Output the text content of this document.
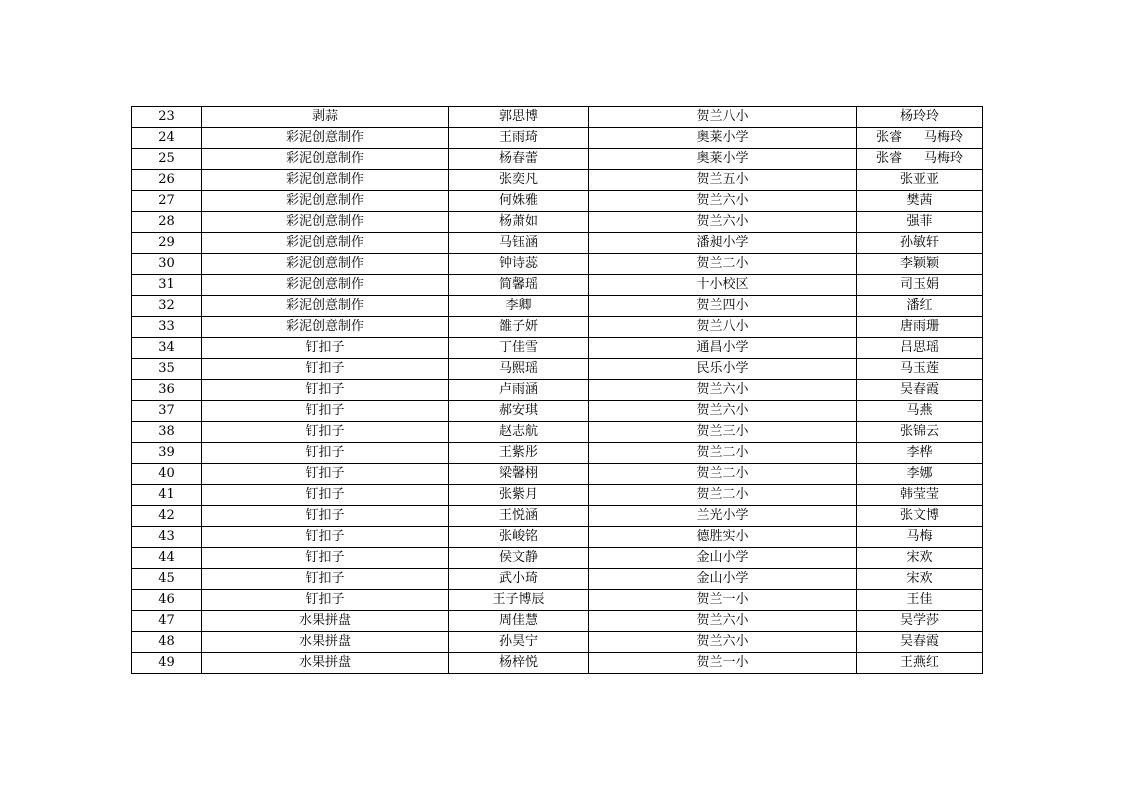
23	剥蒜	郭思博	贺兰八小	杨玲玲
24	彩泥创意制作	王雨琦	奥莱小学	张睿 马梅玲
25	彩泥创意制作	杨春蕾	奥莱小学	张睿 马梅玲
26	彩泥创意制作	张奕凡	贺兰五小	张亚亚
27	彩泥创意制作	何姝雅	贺兰六小	樊茜
28	彩泥创意制作	杨萧如	贺兰六小	强菲
29	彩泥创意制作	马钰涵	潘昶小学	孙敏轩
30	彩泥创意制作	钟诗蕊	贺兰二小	李颖颖
31	彩泥创意制作	简馨瑶	十小校区	司玉娟
32	彩泥创意制作	李卿	贺兰四小	潘红
33	彩泥创意制作	雒子妍	贺兰八小	唐雨珊
34	钉扣子	丁佳雪	通昌小学	吕思瑶
35	钉扣子	马熙瑶	民乐小学	马玉莲
36	钉扣子	卢雨涵	贺兰六小	吴春霞
37	钉扣子	郝安琪	贺兰六小	马燕
38	钉扣子	赵志航	贺兰三小	张锦云
39	钉扣子	王紫彤	贺兰二小	李桦
40	钉扣子	梁馨栩	贺兰二小	李娜
41	钉扣子	张紫月	贺兰二小	韩莹莹
42	钉扣子	王悦涵	兰光小学	张文博
43	钉扣子	张峻铭	德胜实小	马梅
44	钉扣子	侯文静	金山小学	宋欢
45	钉扣子	武小琦	金山小学	宋欢
46	钉扣子	王子博辰	贺兰一小	王佳
47	水果拼盘	周佳慧	贺兰六小	吴学莎
48	水果拼盘	孙昊宁	贺兰六小	吴春霞
49	水果拼盘	杨梓悦	贺兰一小	王燕红
